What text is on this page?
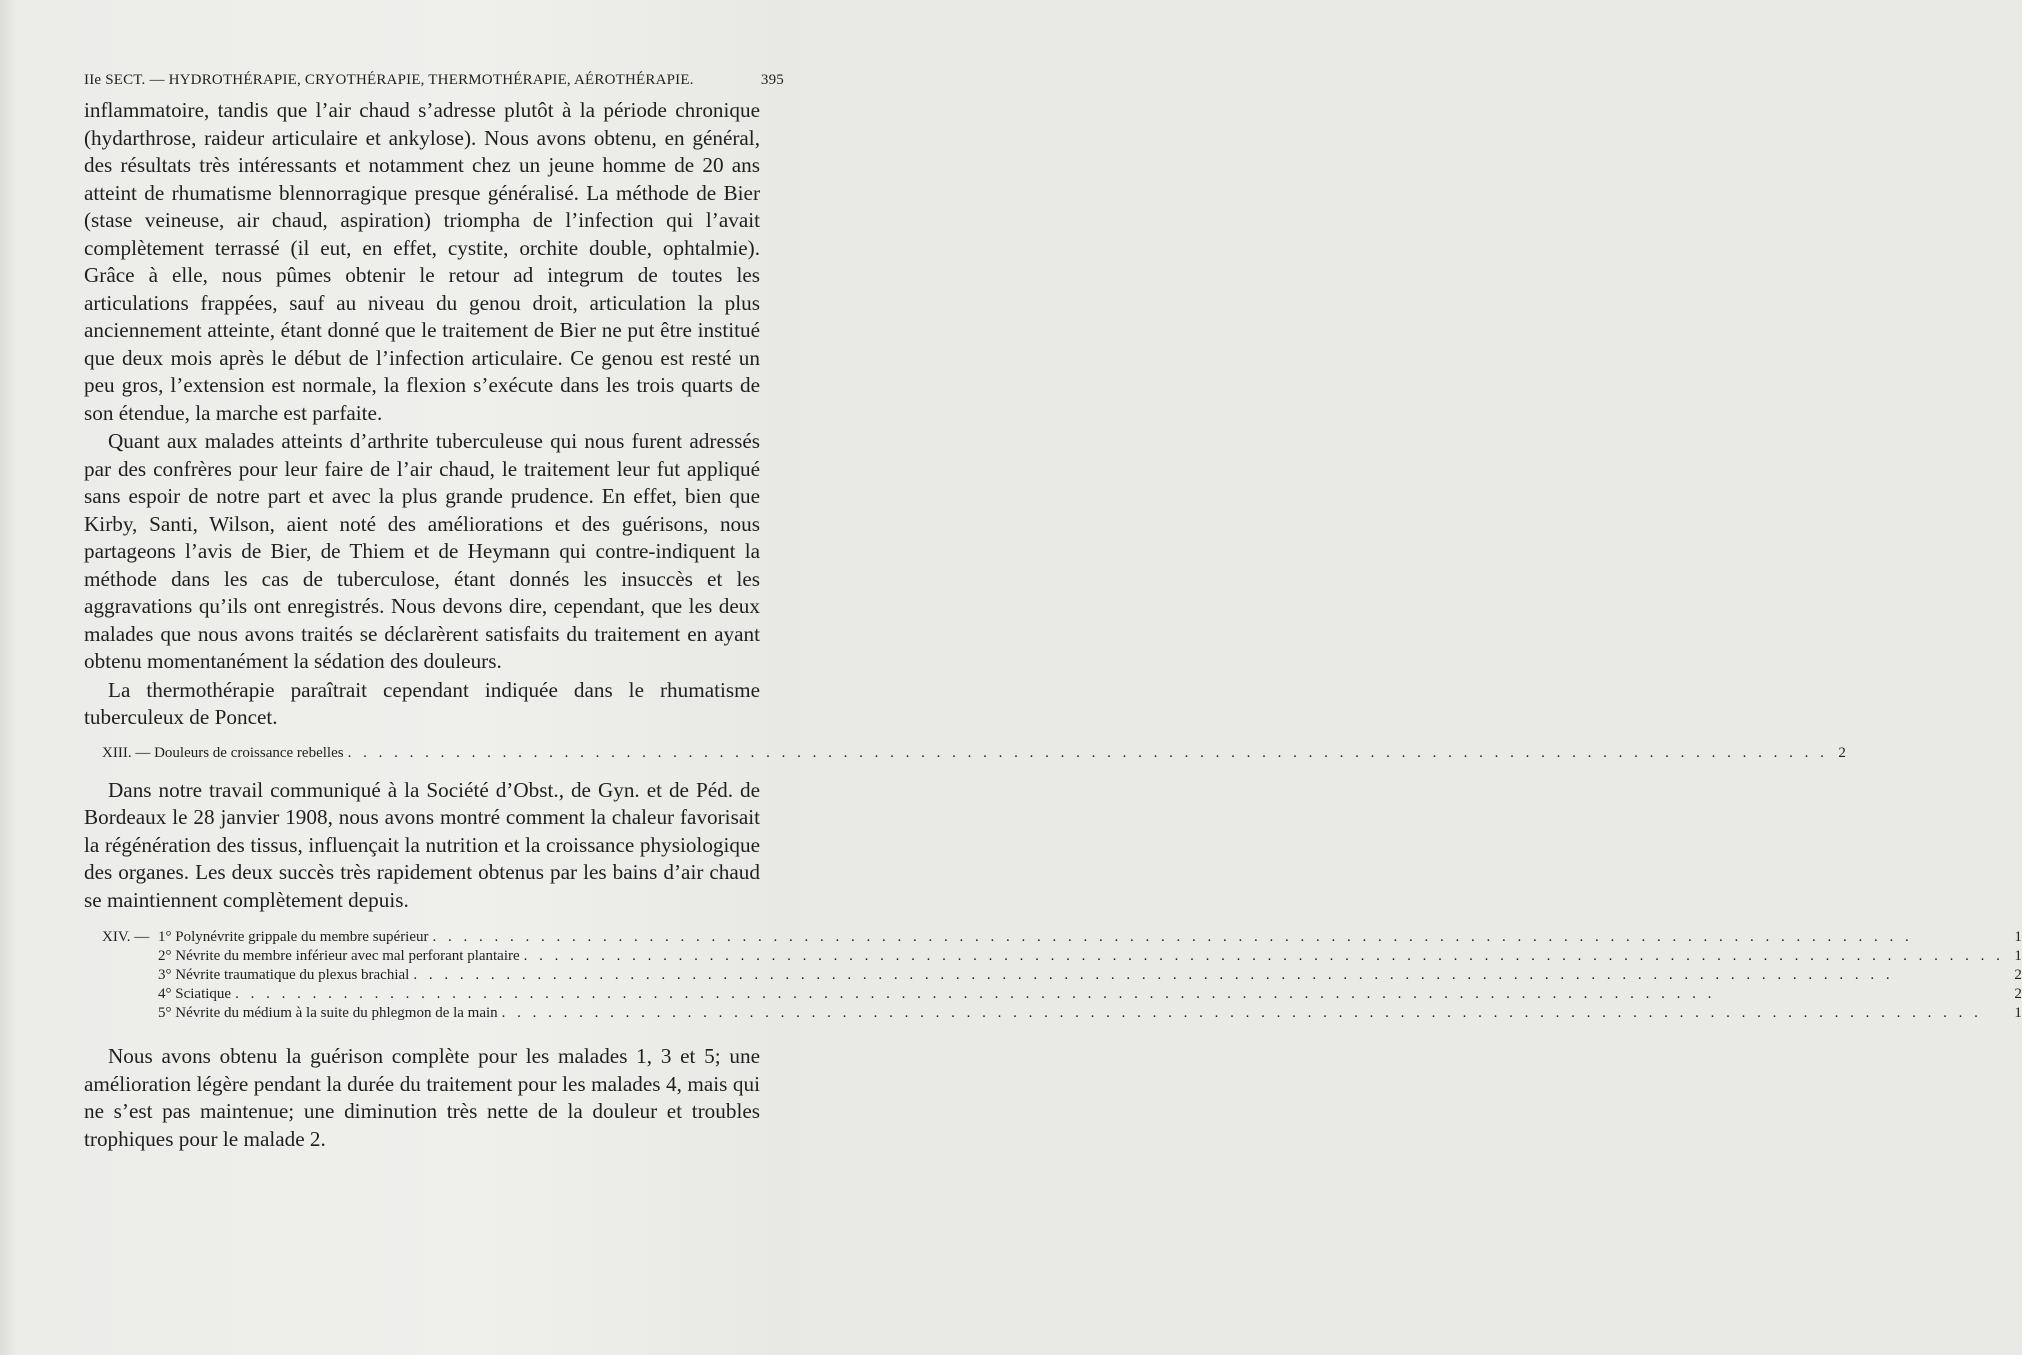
IIe SECT. — HYDROTHÉRAPIE, CRYOTHÉRAPIE, THERMOTHÉRAPIE, AÉROTHÉRAPIE.	395

inflammatoire, tandis que l’air chaud s’adresse plutôt à la période chronique (hydarthrose, raideur articulaire et ankylose). Nous avons obtenu, en général, des résultats très intéressants et notamment chez un jeune homme de 20 ans atteint de rhumatisme blennorragique presque généralisé. La méthode de Bier (stase veineuse, air chaud, aspiration) triompha de l’infection qui l’avait complètement terrassé (il eut, en effet, cystite, orchite double, ophtalmie). Grâce à elle, nous pûmes obtenir le retour ad integrum de toutes les articulations frappées, sauf au niveau du genou droit, articulation la plus anciennement atteinte, étant donné que le traitement de Bier ne put être institué que deux mois après le début de l’infection articulaire. Ce genou est resté un peu gros, l’extension est normale, la flexion s’exécute dans les trois quarts de son étendue, la marche est parfaite.

Quant aux malades atteints d’arthrite tuberculeuse qui nous furent adressés par des confrères pour leur faire de l’air chaud, le traitement leur fut appliqué sans espoir de notre part et avec la plus grande prudence. En effet, bien que Kirby, Santi, Wilson, aient noté des améliorations et des guérisons, nous partageons l’avis de Bier, de Thiem et de Heymann qui contre-indiquent la méthode dans les cas de tuberculose, étant donnés les insuccès et les aggravations qu’ils ont enregistrés. Nous devons dire, cependant, que les deux malades que nous avons traités se déclarèrent satisfaits du traitement en ayant obtenu momentanément la sédation des douleurs.

La thermothérapie paraîtrait cependant indiquée dans le rhumatisme tuberculeux de Poncet.

XIII. — Douleurs de croissance rebelles . . .	2

Dans notre travail communiqué à la Société d’Obst., de Gyn. et de Péd. de Bordeaux le 28 janvier 1908, nous avons montré comment la chaleur favorisait la régénération des tissus, influençait la nutrition et la croissance physiologique des organes. Les deux succès très rapidement obtenus par les bains d’air chaud se maintiennent complètement depuis.

XIV. — 1° Polynévrite grippale du membre supérieur . . .	1
2° Névrite du membre inférieur avec mal perforant plantaire . . .	1
3° Névrite traumatique du plexus brachial . . .	2
4° Sciatique . . .	2
5° Névrite du médium à la suite du phlegmon de la main . . .	1

Nous avons obtenu la guérison complète pour les malades 1, 3 et 5; une amélioration légère pendant la durée du traitement pour les malades 4, mais qui ne s’est pas maintenue; une diminution très nette de la douleur et troubles trophiques pour le malade 2.
